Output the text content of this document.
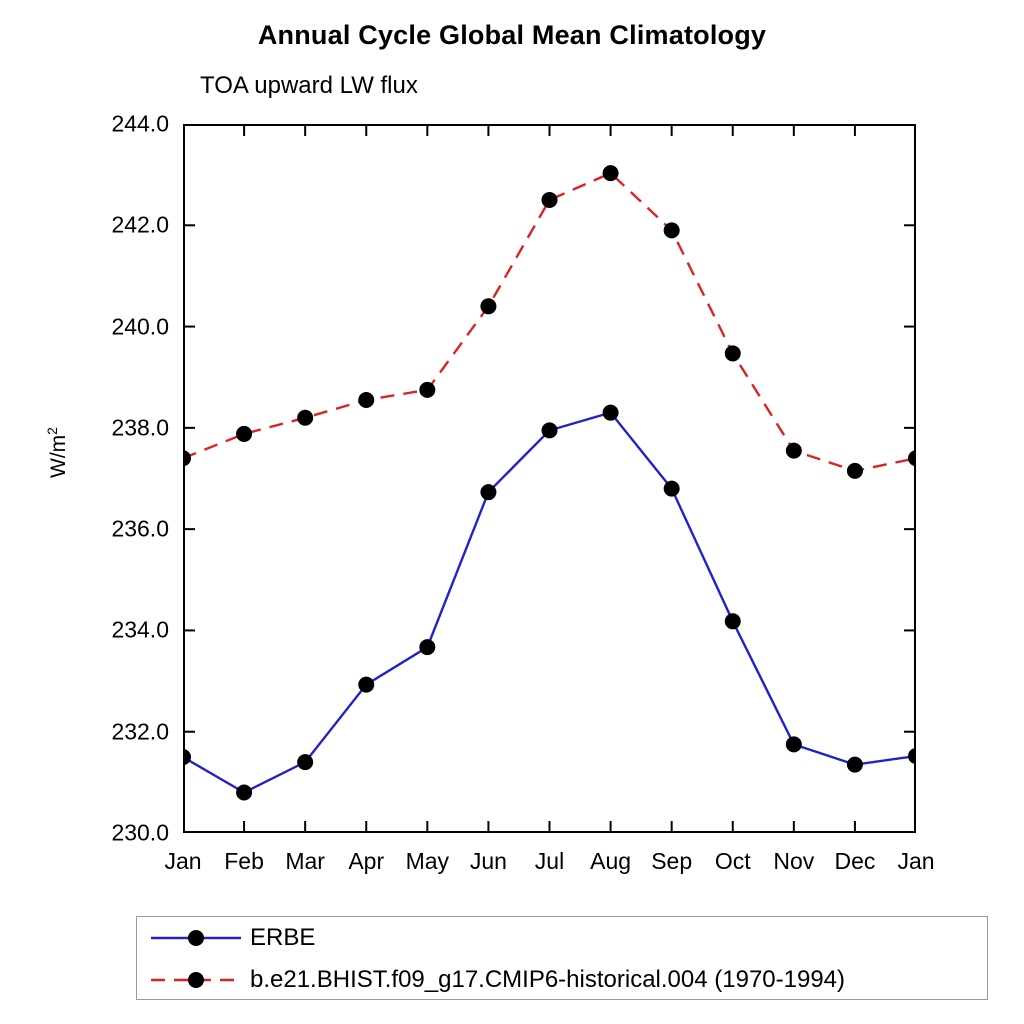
Annual Cycle Global Mean Climatology
TOA upward LW flux
$W/m^2$
230.0
232.0
234.0
236.0
238.0
240.0
242.0
244.0
Jan Feb Mar	Apr May Jun	Jul	Aug Sep Oct Nov Dec Jan
ERBE
b.e21.BHIST.f09_g17.CMIP6-historical.004 (1970-1994)
